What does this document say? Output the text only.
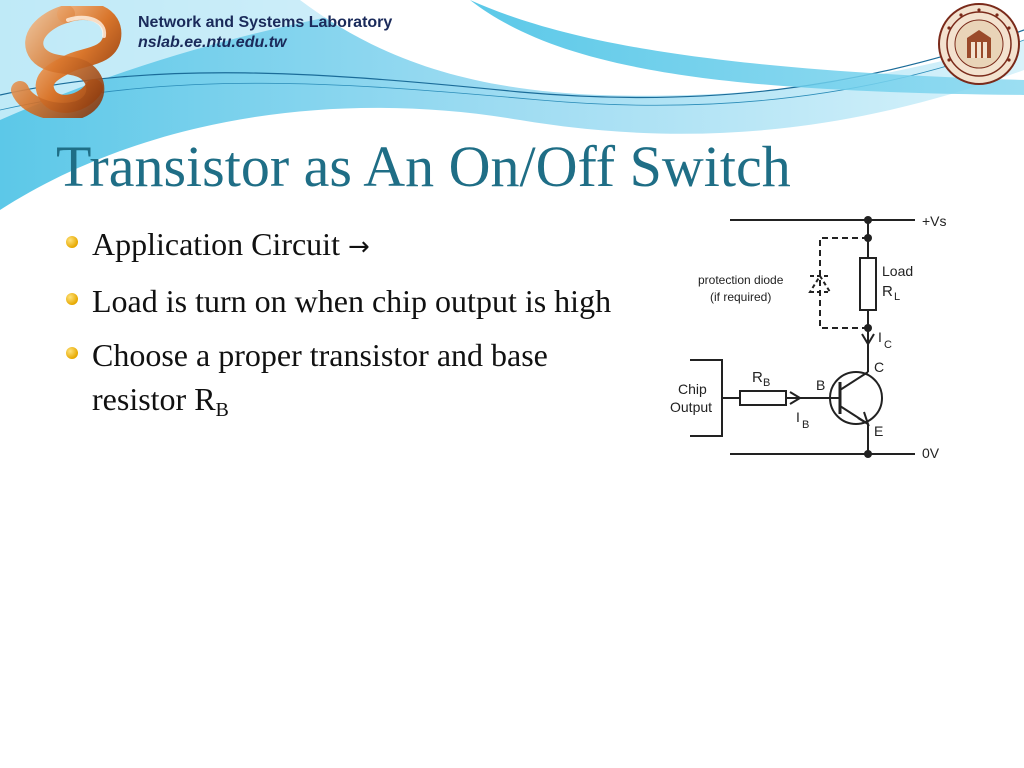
Network and Systems Laboratory
nslab.ee.ntu.edu.tw
Transistor as An On/Off Switch
Application Circuit →
Load is turn on when chip output is high
Choose a proper transistor and base resistor $R_B$
+Vs
0V
Load
R L
protection diode
(if required)
I C
C
B
E
R B
I B
Chip
Output
